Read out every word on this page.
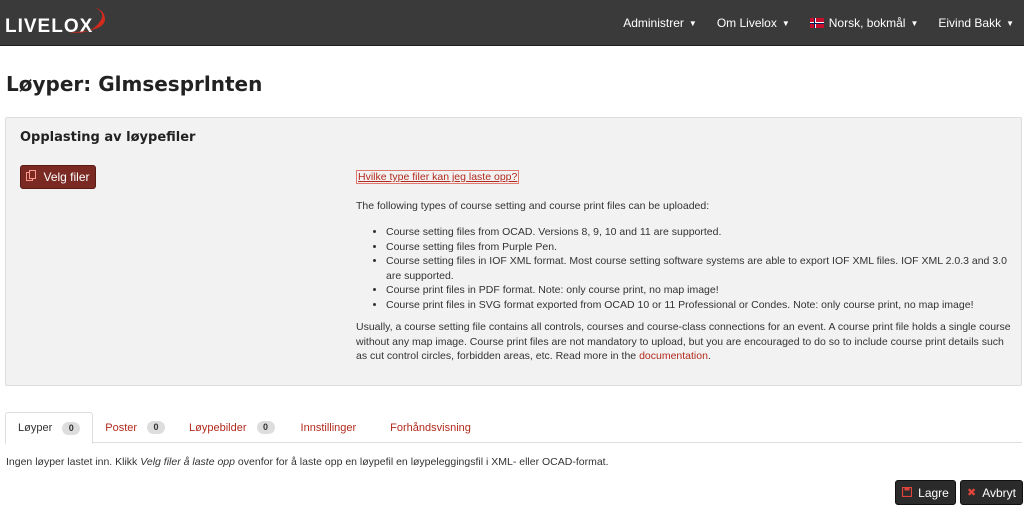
LIVELOX	Administrer ▼ Om Livelox ▼	Norsk, bokmål ▼ Eivind Bakk ▼
Løyper: Glmsesprlnten
Opplasting av løypefiler
Velg filer	Hvilke type filer kan jeg laste opp?

The following types of course setting and course print files can be uploaded:

• Course setting files from OCAD. Versions 8, 9, 10 and 11 are supported.
• Course setting files from Purple Pen.
• Course setting files in IOF XML format. Most course setting software systems are able to export IOF XML files. IOF XML 2.0.3 and 3.0 are supported.
• Course print files in PDF format. Note: only course print, no map image!
• Course print files in SVG format exported from OCAD 10 or 11 Professional or Condes. Note: only course print, no map image!

Usually, a course setting file contains all controls, courses and course-class connections for an event. A course print file holds a single course without any map image. Course print files are not mandatory to upload, but you are encouraged to do so to include course print details such as cut control circles, forbidden areas, etc. Read more in the documentation.

Løyper	0	Poster	0	Løypebilder	0	Innstillinger	Forhåndsvisning

Ingen løyper lastet inn. Klikk Velg filer å laste opp ovenfor for å laste opp en løypefil en løypeleggingsfil i XML- eller OCAD-format.

Lagre ✖ Avbryt
